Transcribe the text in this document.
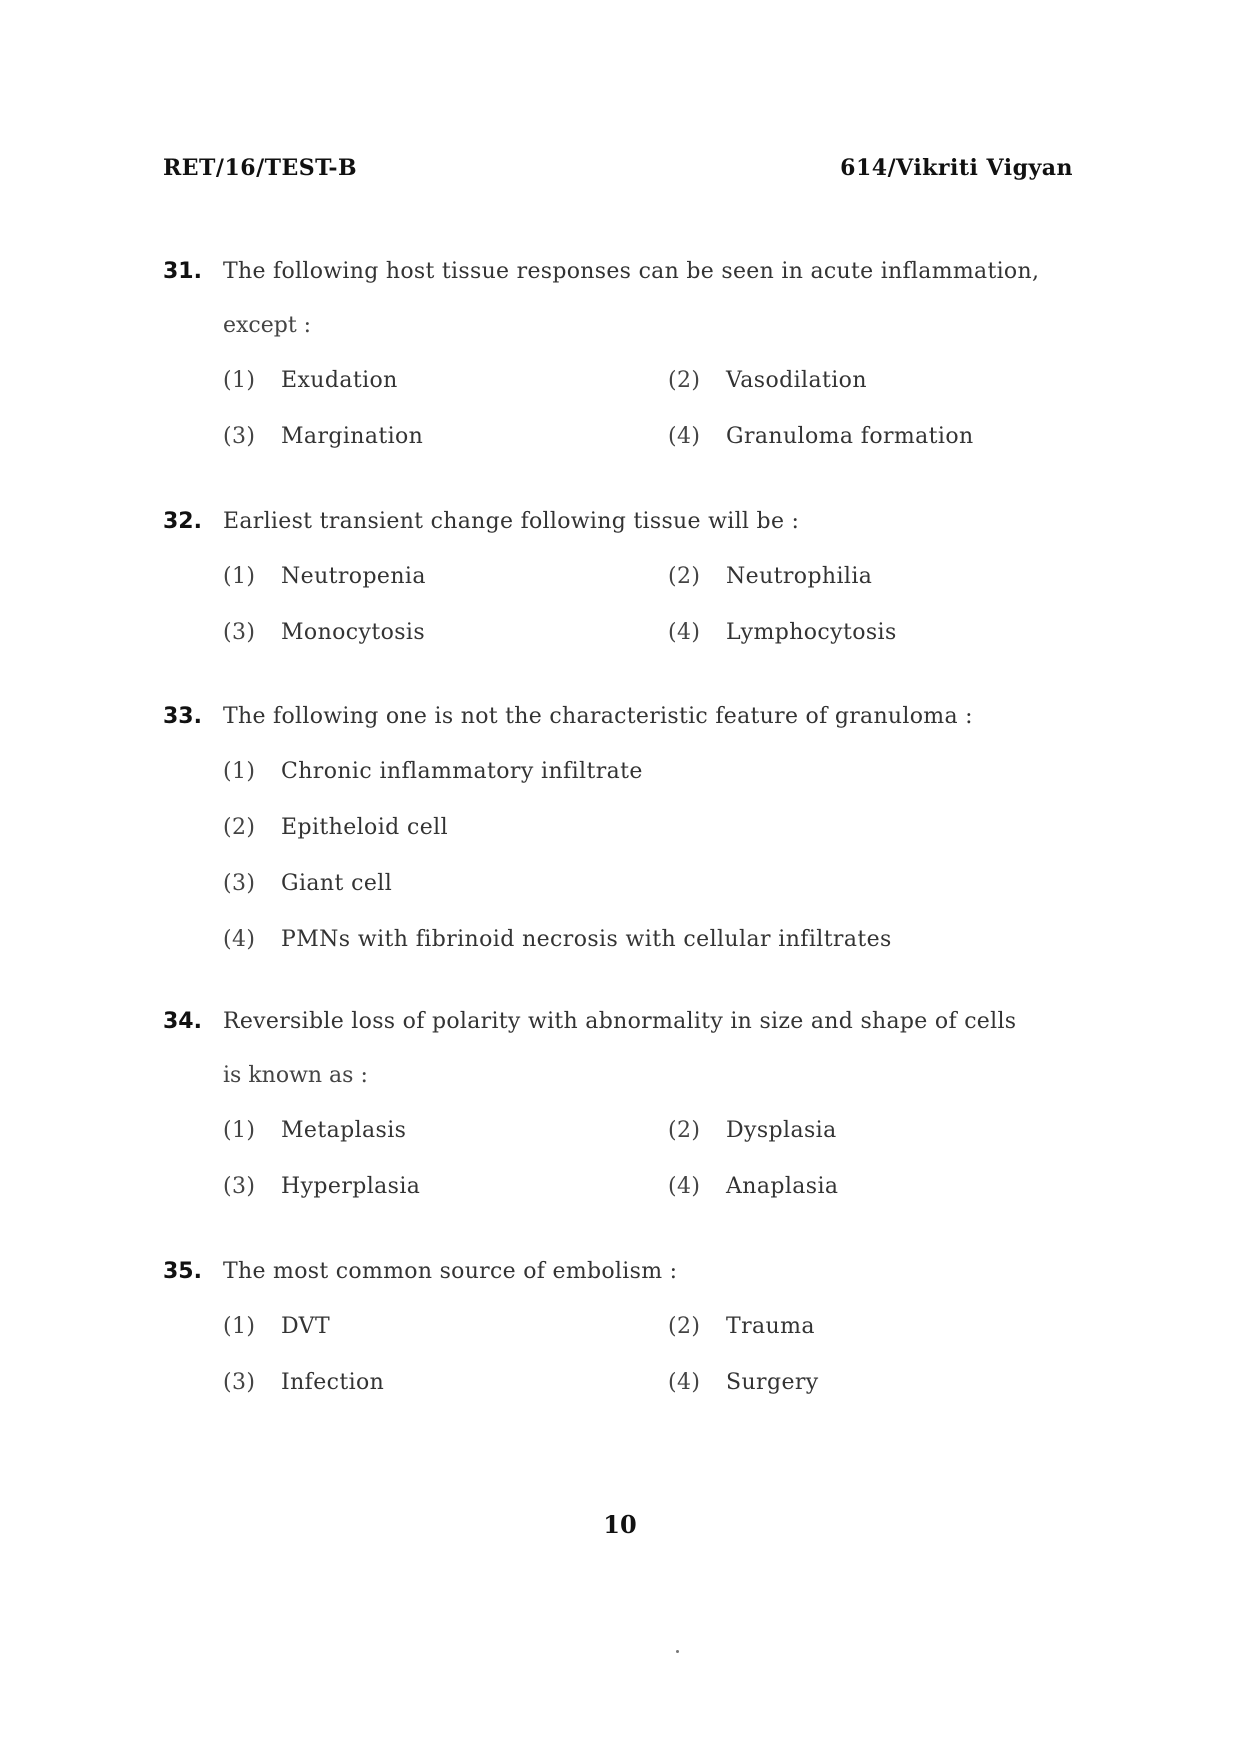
RET/16/TEST-B	614/Vikriti Vigyan
31. The following host tissue responses can be seen in acute inflammation,
except :
(1)	Exudation	(2)	Vasodilation
(3)	Margination	(4)	Granuloma formation
32. Earliest transient change following tissue will be :
(1)	Neutropenia	(2)	Neutrophilia
(3)	Monocytosis	(4)	Lymphocytosis
33. The following one is not the characteristic feature of granuloma :
(1)	Chronic inflammatory infiltrate
(2)	Epitheloid cell
(3)	Giant cell
(4)	PMNs with fibrinoid necrosis with cellular infiltrates
34. Reversible loss of polarity with abnormality in size and shape of cells
is known as :
(1)	Metaplasis	(2)	Dysplasia
(3)	Hyperplasia	(4)	Anaplasia
35. The most common source of embolism :
(1)	DVT	(2)	Trauma
(3)	Infection	(4)	Surgery
10
